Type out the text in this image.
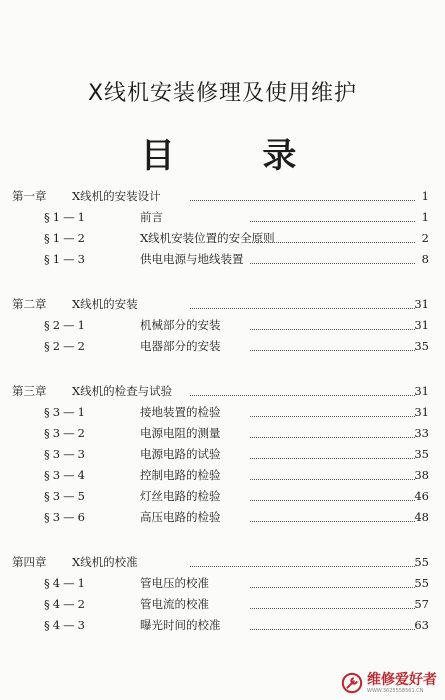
X线机安装修理及使用维护
目 录
第一章 X线机的安装设计	1
§1—1	前言	1
§1—2	X线机安装位置的安全原则	2
§1—3	供电电源与地线装置	8
第二章 X线机的安装	31
§2—1	机械部分的安装	31
§2—2	电器部分的安装	35
第三章 X线机的检查与试验	31
§3—1	接地装置的检验	31
§3—2	电源电阻的测量	33
§3—3	电源电路的试验	35
§3—4	控制电路的检验	38
§3—5	灯丝电路的检验	46
§3—6	高压电路的检验	48
第四章 X线机的校准	55
§4—1	管电压的校准	55
§4—2	管电流的校准	57
§4—3	曝光时间的校准	63
维修爱好者
WWW.3625558561.CN
